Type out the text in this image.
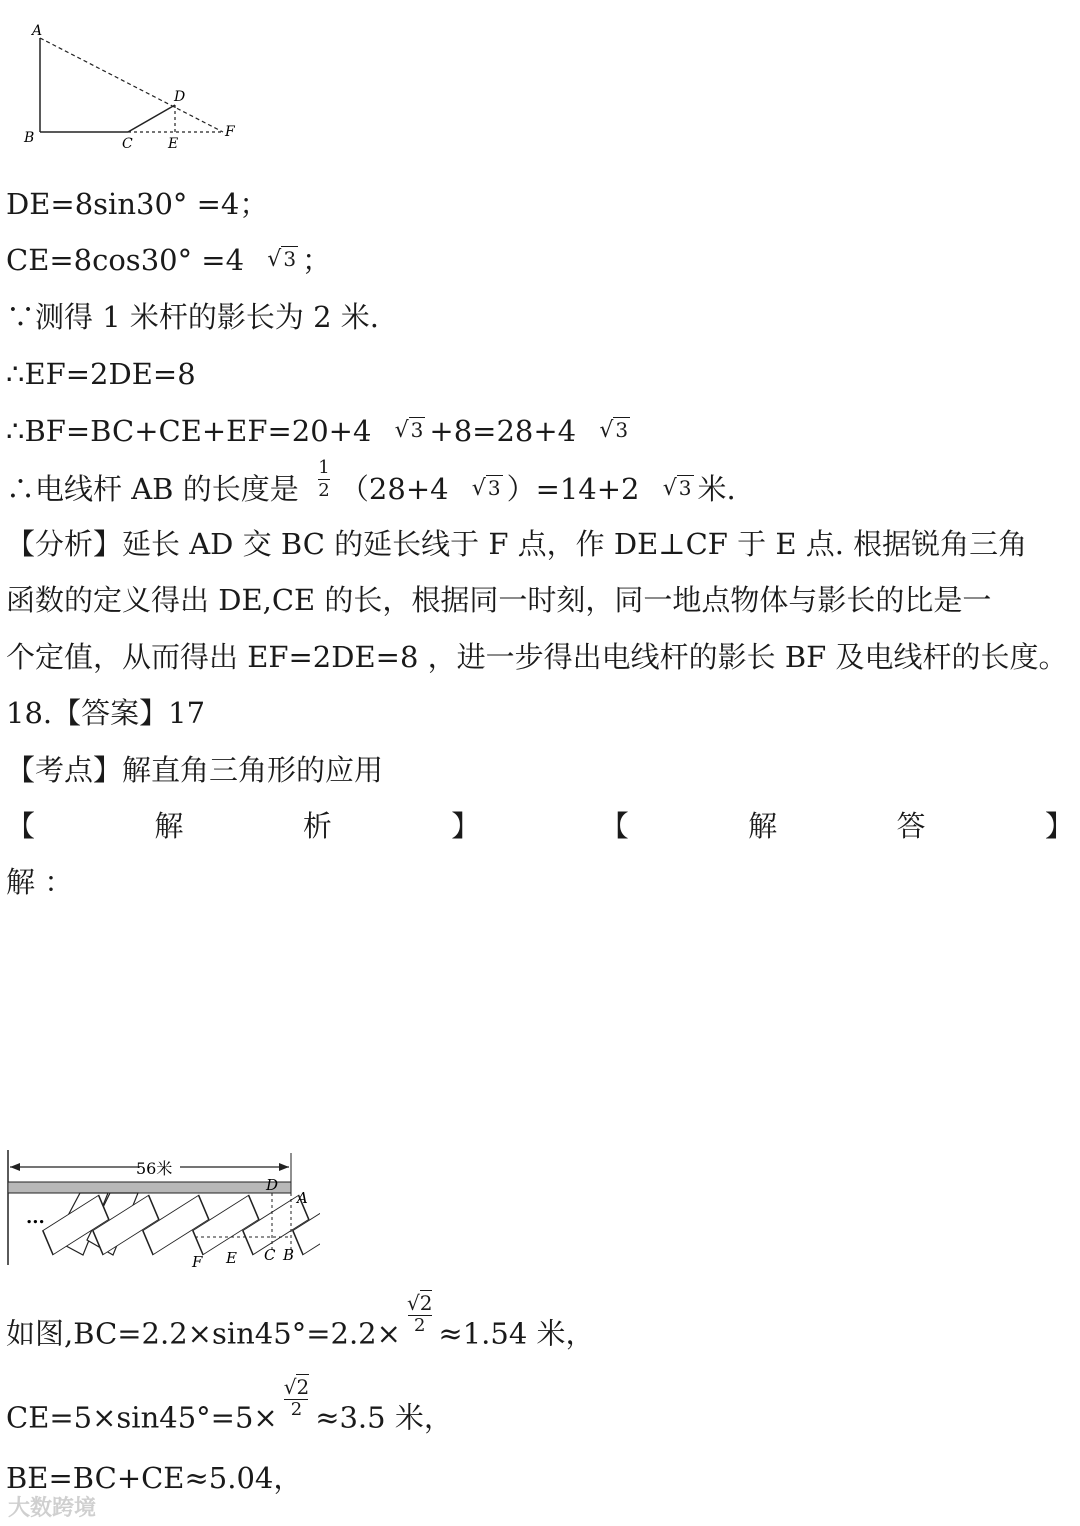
A
B	C
D
E
F
DE=8sin30° =4；
CE=8cos30° =4 √ 3 ；
∵测得 1 米杆的影长为 2 米.
∴EF=2DE=8
∴BF=BC+CE+EF=20+4 √ 3 +8=28+4 √ 3
∴电线杆 AB 的长度是 $\frac{1}{2} (28+4$ √ 3 ）=14+2 √ 3 米.
【分析】延长 AD 交 BC 的延长线于 F 点，作 DE⊥CF 于 E 点. 根据锐角三角
函数的定义得出 DE,CE 的长，根据同一时刻，同一地点物体与影长的比是一
个定值，从而得出 EF=2DE=8 ，进一步得出电线杆的影长 BF 及电线杆的长度。
18.【答案】17
【考点】解直角三角形的应用
【	解	析	】	【	解	答	】
解 ：
56米
...
D
A
F E C B
如图$,BC=2.2\times\sin 45^\circ=2.2\times \frac{√2}{2} \approx 1.54$ 米，
$CE=5\times\sin 45^\circ=5\times \frac{√2}{2} \approx 3.5$ 米，
BE=BC+CE≈5.04，
大数跨境
